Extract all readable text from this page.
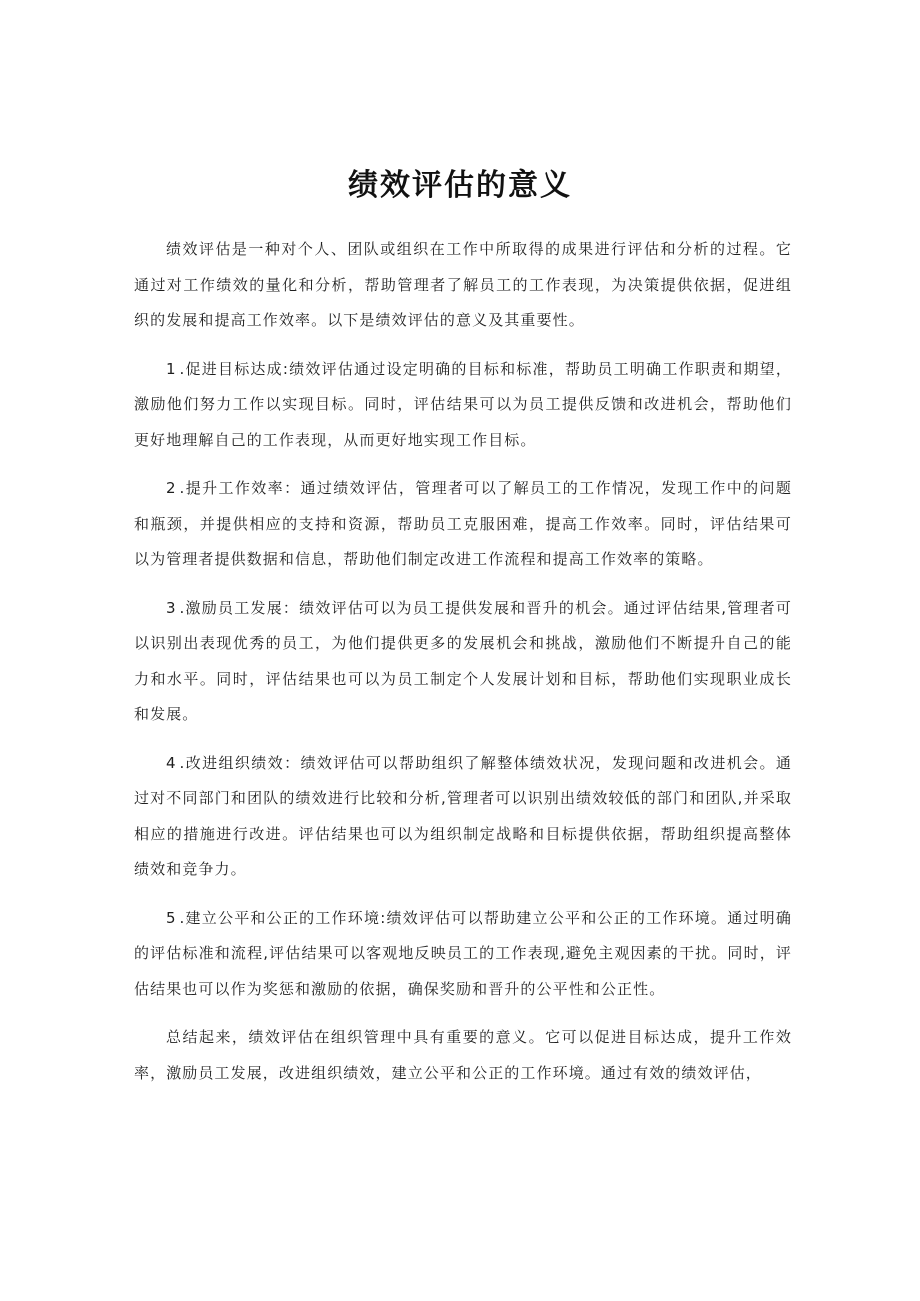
绩效评估的意义

绩效评估是一种对个人、团队或组织在工作中所取得的成果进行评估和分析的过程。它通过对工作绩效的量化和分析，帮助管理者了解员工的工作表现，为决策提供依据，促进组织的发展和提高工作效率。以下是绩效评估的意义及其重要性。

1.促进目标达成:绩效评估通过设定明确的目标和标准，帮助员工明确工作职责和期望，激励他们努力工作以实现目标。同时，评估结果可以为员工提供反馈和改进机会，帮助他们更好地理解自己的工作表现，从而更好地实现工作目标。

2.提升工作效率：通过绩效评估，管理者可以了解员工的工作情况，发现工作中的问题和瓶颈，并提供相应的支持和资源，帮助员工克服困难，提高工作效率。同时，评估结果可以为管理者提供数据和信息，帮助他们制定改进工作流程和提高工作效率的策略。

3.激励员工发展：绩效评估可以为员工提供发展和晋升的机会。通过评估结果,管理者可以识别出表现优秀的员工，为他们提供更多的发展机会和挑战，激励他们不断提升自己的能力和水平。同时，评估结果也可以为员工制定个人发展计划和目标，帮助他们实现职业成长和发展。

4.改进组织绩效：绩效评估可以帮助组织了解整体绩效状况，发现问题和改进机会。通过对不同部门和团队的绩效进行比较和分析,管理者可以识别出绩效较低的部门和团队,并采取相应的措施进行改进。评估结果也可以为组织制定战略和目标提供依据，帮助组织提高整体绩效和竞争力。

5.建立公平和公正的工作环境:绩效评估可以帮助建立公平和公正的工作环境。通过明确的评估标准和流程,评估结果可以客观地反映员工的工作表现,避免主观因素的干扰。同时，评估结果也可以作为奖惩和激励的依据，确保奖励和晋升的公平性和公正性。

总结起来，绩效评估在组织管理中具有重要的意义。它可以促进目标达成，提升工作效率，激励员工发展，改进组织绩效，建立公平和公正的工作环境。通过有效的绩效评估，
